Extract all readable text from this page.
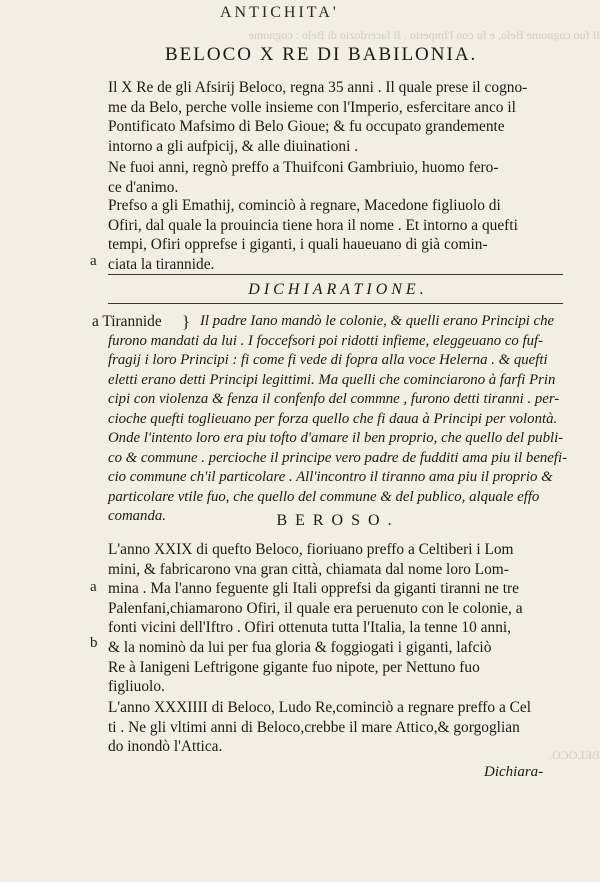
Il fuo cognome Belo, e fu con l'Imperio . Il facerdozio di Belo : cognome
BELOCO.
ANTICHITA'
BELOCO X RE DI BABILONIA.

Il X Re de gli Afsirij Beloco, regna 35 anni . Il quale prese il cogno-
me da Belo, perche volle insieme con l'Imperio, esfercitare anco il
Pontificato Mafsimo di Belo Gioue; & fu occupato grandemente
intorno a gli aufpicij, & alle diuinationi .

Ne fuoi anni, regnò preffo a Thuifconi Gambriuio, huomo fero-
ce d'animo.

Prefso a gli Emathij, cominciò à regnare, Macedone figliuolo di
Ofiri, dal quale la prouincia tiene hora il nome . Et intorno a quefti
tempi, Ofiri opprefse i giganti, i quali haueuano di già comin-
ciata la tirannide.

a
DICHIARATIONE.
a Tirannide	} Il padre Iano mandò le colonie, & quelli erano Principi che
furono mandati da lui . I foccefsori poi ridotti infieme, eleggeuano co fuf-
fragij i loro Principi : fi come fi vede di fopra alla voce Helerna . & quefti
eletti erano detti Principi legittimi. Ma quelli che cominciarono à farfi Prin
cipi con violenza & fenza il confenfo del commne , furono detti tiranni . per-
cioche quefti toglieuano per forza quello che fi daua à Principi per volontà.
Onde l'intento loro era piu tofto d'amare il ben proprio, che quello del publi-
co & commune . percioche il principe vero padre de fudditi ama piu il benefi-
cio commune ch'il particolare . All'incontro il tiranno ama piu il proprio &
particolare vtile fuo, che quello del commune & del publico, alquale effo
comanda.	BEROSO.

L'anno XXIX di quefto Beloco, fioriuano preffo a Celtiberi i Lom
mini, & fabricarono vna gran città, chiamata dal nome loro Lom-
mina . Ma l'anno feguente gli Itali opprefsi da giganti tiranni ne tre
Palenfani,chiamarono Ofiri, il quale era peruenuto con le colonie, a
fonti vicini dell'Iftro . Ofiri ottenuta tutta l'Italia, la tenne 10 anni,
& la nominò da lui per fua gloria & foggiogati i giganti, lafciò
Re à Ianigeni Leftrigone gigante fuo nipote, per Nettuno fuo
figliuolo.

a
b

L'anno XXXIIII di Beloco, Ludo Re,cominciò a regnare preffo a Cel
ti . Ne gli vltimi anni di Beloco,crebbe il mare Attico,& gorgoglian
do inondò l'Attica.

Dichiara-
